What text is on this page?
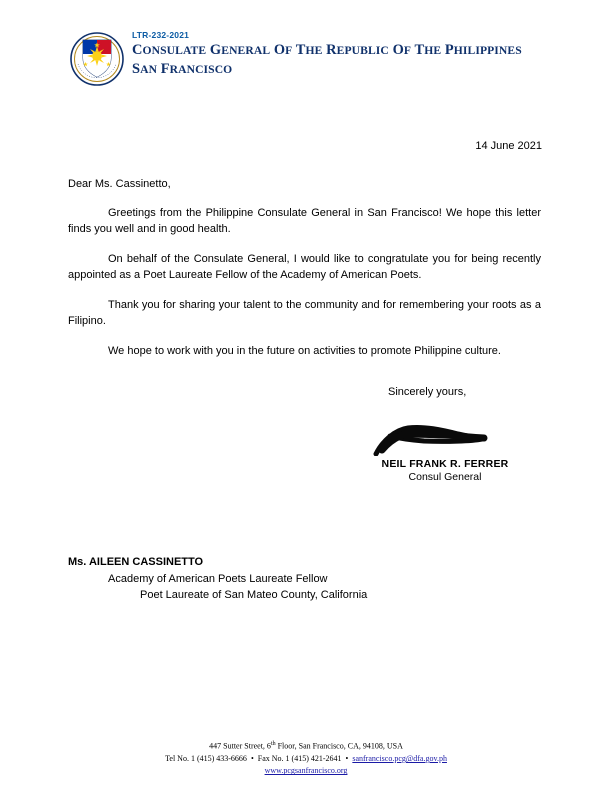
LTR-232-2021
CONSULATE GENERAL OF THE REPUBLIC OF THE PHILIPPINES
SAN FRANCISCO
14 June 2021
Dear Ms. Cassinetto,

Greetings from the Philippine Consulate General in San Francisco! We hope this letter finds you well and in good health.

On behalf of the Consulate General, I would like to congratulate you for being recently appointed as a Poet Laureate Fellow of the Academy of American Poets.

Thank you for sharing your talent to the community and for remembering your roots as a Filipino.

We hope to work with you in the future on activities to promote Philippine culture.

Sincerely yours,
NEIL FRANK R. FERRER
Consul General
Ms. AILEEN CASSINETTO
Academy of American Poets Laureate Fellow
Poet Laureate of San Mateo County, California
447 Sutter Street, 6th Floor, San Francisco, CA, 94108, USA
Tel No. 1 (415) 433-6666 • Fax No. 1 (415) 421-2641 • sanfrancisco.pcg@dfa.gov.ph
www.pcgsanfrancisco.org
